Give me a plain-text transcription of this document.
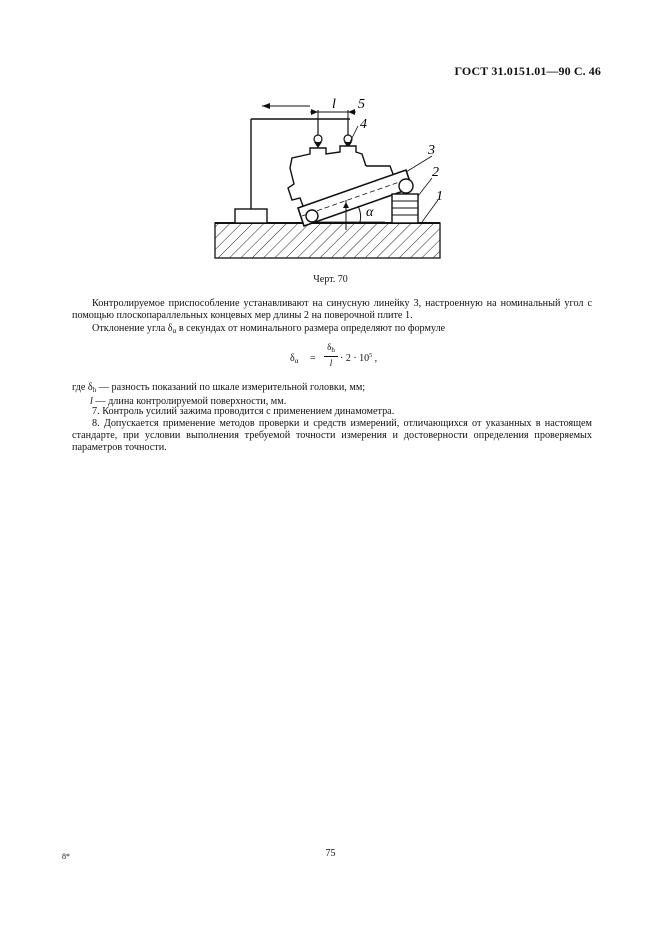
ГОСТ 31.0151.01—90 С. 46
l 5
4
3
2
1
α
Черт. 70

Контролируемое приспособление устанавливают на синусную линейку 3, настроенную на номинальный угол с помощью плоскопараллельных концевых мер длины 2 на поверочной плите 1.

Отклонение угла $\delta_\alpha$ в секундах от номинального размера определяют по формуле

$\delta_\alpha$ =
$\delta_h$
$l \cdot 2 \cdot 10^5$ ,
где $\delta_h$ — разность показаний по шкале измерительной головки, мм;
l — длина контролируемой поверхности, мм.

7. Контроль усилий зажима проводится с применением динамометра.

8. Допускается применение методов проверки и средств измерений, отличающихся от указанных в настоящем стандарте, при условии выполнения требуемой точности измерения и достоверности определения проверяемых параметров точности.

8*	75
